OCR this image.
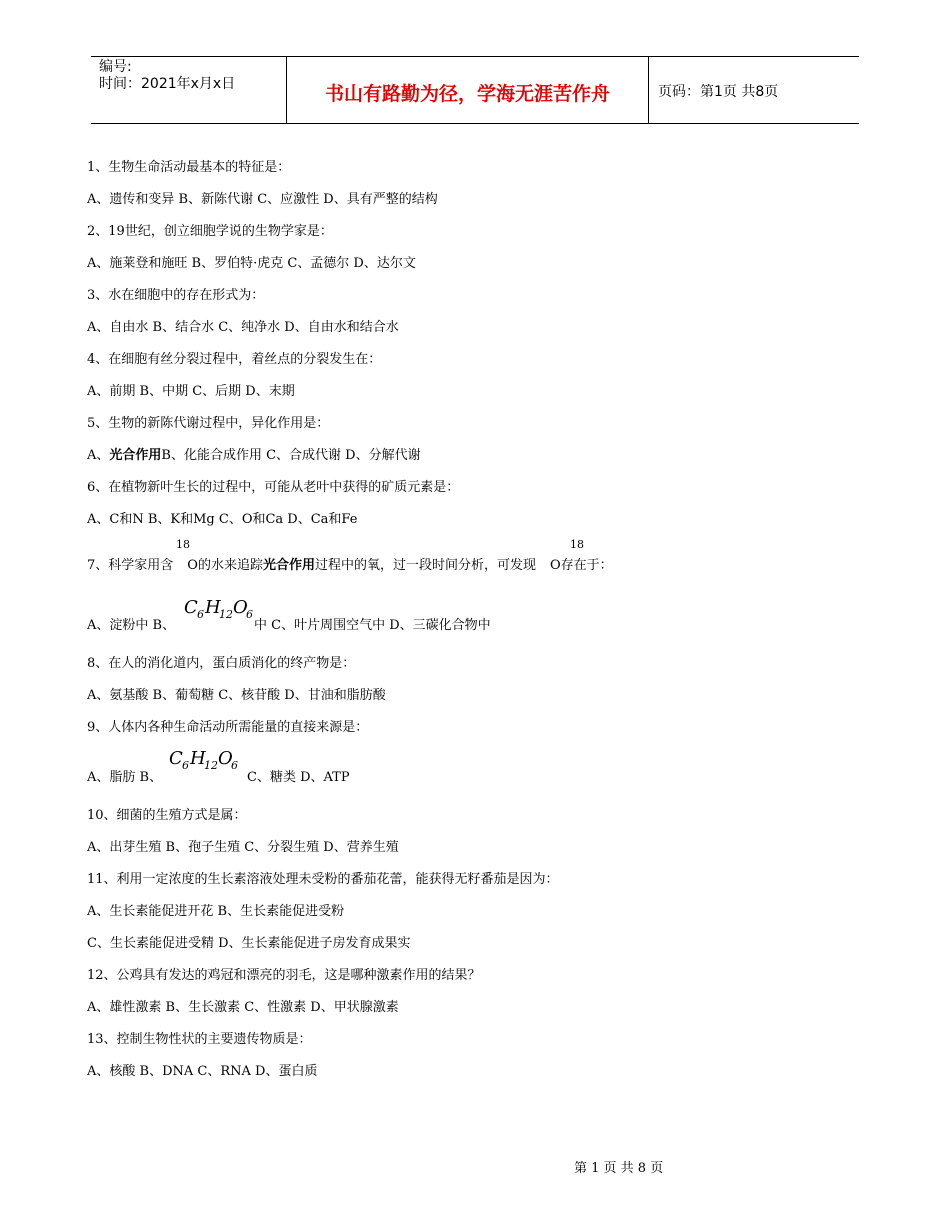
编号:
时间：2021年x月x日	书山有路勤为径，学海无涯苦作舟	页码：第1页 共8页
1、生物生命活动最基本的特征是：
A、遗传和变异 B、新陈代谢 C、应激性 D、具有严整的结构
2、19世纪，创立细胞学说的生物学家是：
A、施莱登和施旺 B、罗伯特·虎克 C、孟德尔 D、达尔文
3、水在细胞中的存在形式为：
A、自由水 B、结合水 C、纯净水 D、自由水和结合水
4、在细胞有丝分裂过程中，着丝点的分裂发生在：
A、前期 B、中期 C、后期 D、末期
5、生物的新陈代谢过程中，异化作用是：
A、光合作用B、化能合成作用 C、合成代谢 D、分解代谢
6、在植物新叶生长的过程中，可能从老叶中获得的矿质元素是：
A、C和N B、K和Mg C、O和Ca D、Ca和Fe
18	18
7、科学家用含 O的水来追踪光合作用过程中的氧，过一段时间分析，可发现 O存在于：
A、淀粉中 B、
C 6 H
12 O
6
中 C、叶片周围空气中 D、三碳化合物中
8、在人的消化道内，蛋白质消化的终产物是：
A、氨基酸 B、葡萄糖 C、核苷酸 D、甘油和脂肪酸
9、人体内各种生命活动所需能量的直接来源是：
A、脂肪 B、
C 6 H
12 O
6
C、糖类 D、ATP
10、细菌的生殖方式是属：
A、出芽生殖 B、孢子生殖 C、分裂生殖 D、营养生殖
11、利用一定浓度的生长素溶液处理未受粉的番茄花蕾，能获得无籽番茄是因为：
A、生长素能促进开花 B、生长素能促进受粉
C、生长素能促进受精 D、生长素能促进子房发育成果实
12、公鸡具有发达的鸡冠和漂亮的羽毛，这是哪种激素作用的结果？
A、雄性激素 B、生长激素 C、性激素 D、甲状腺激素
13、控制生物性状的主要遗传物质是：
A、核酸 B、DNA C、RNA D、蛋白质
第 1 页 共 8 页
